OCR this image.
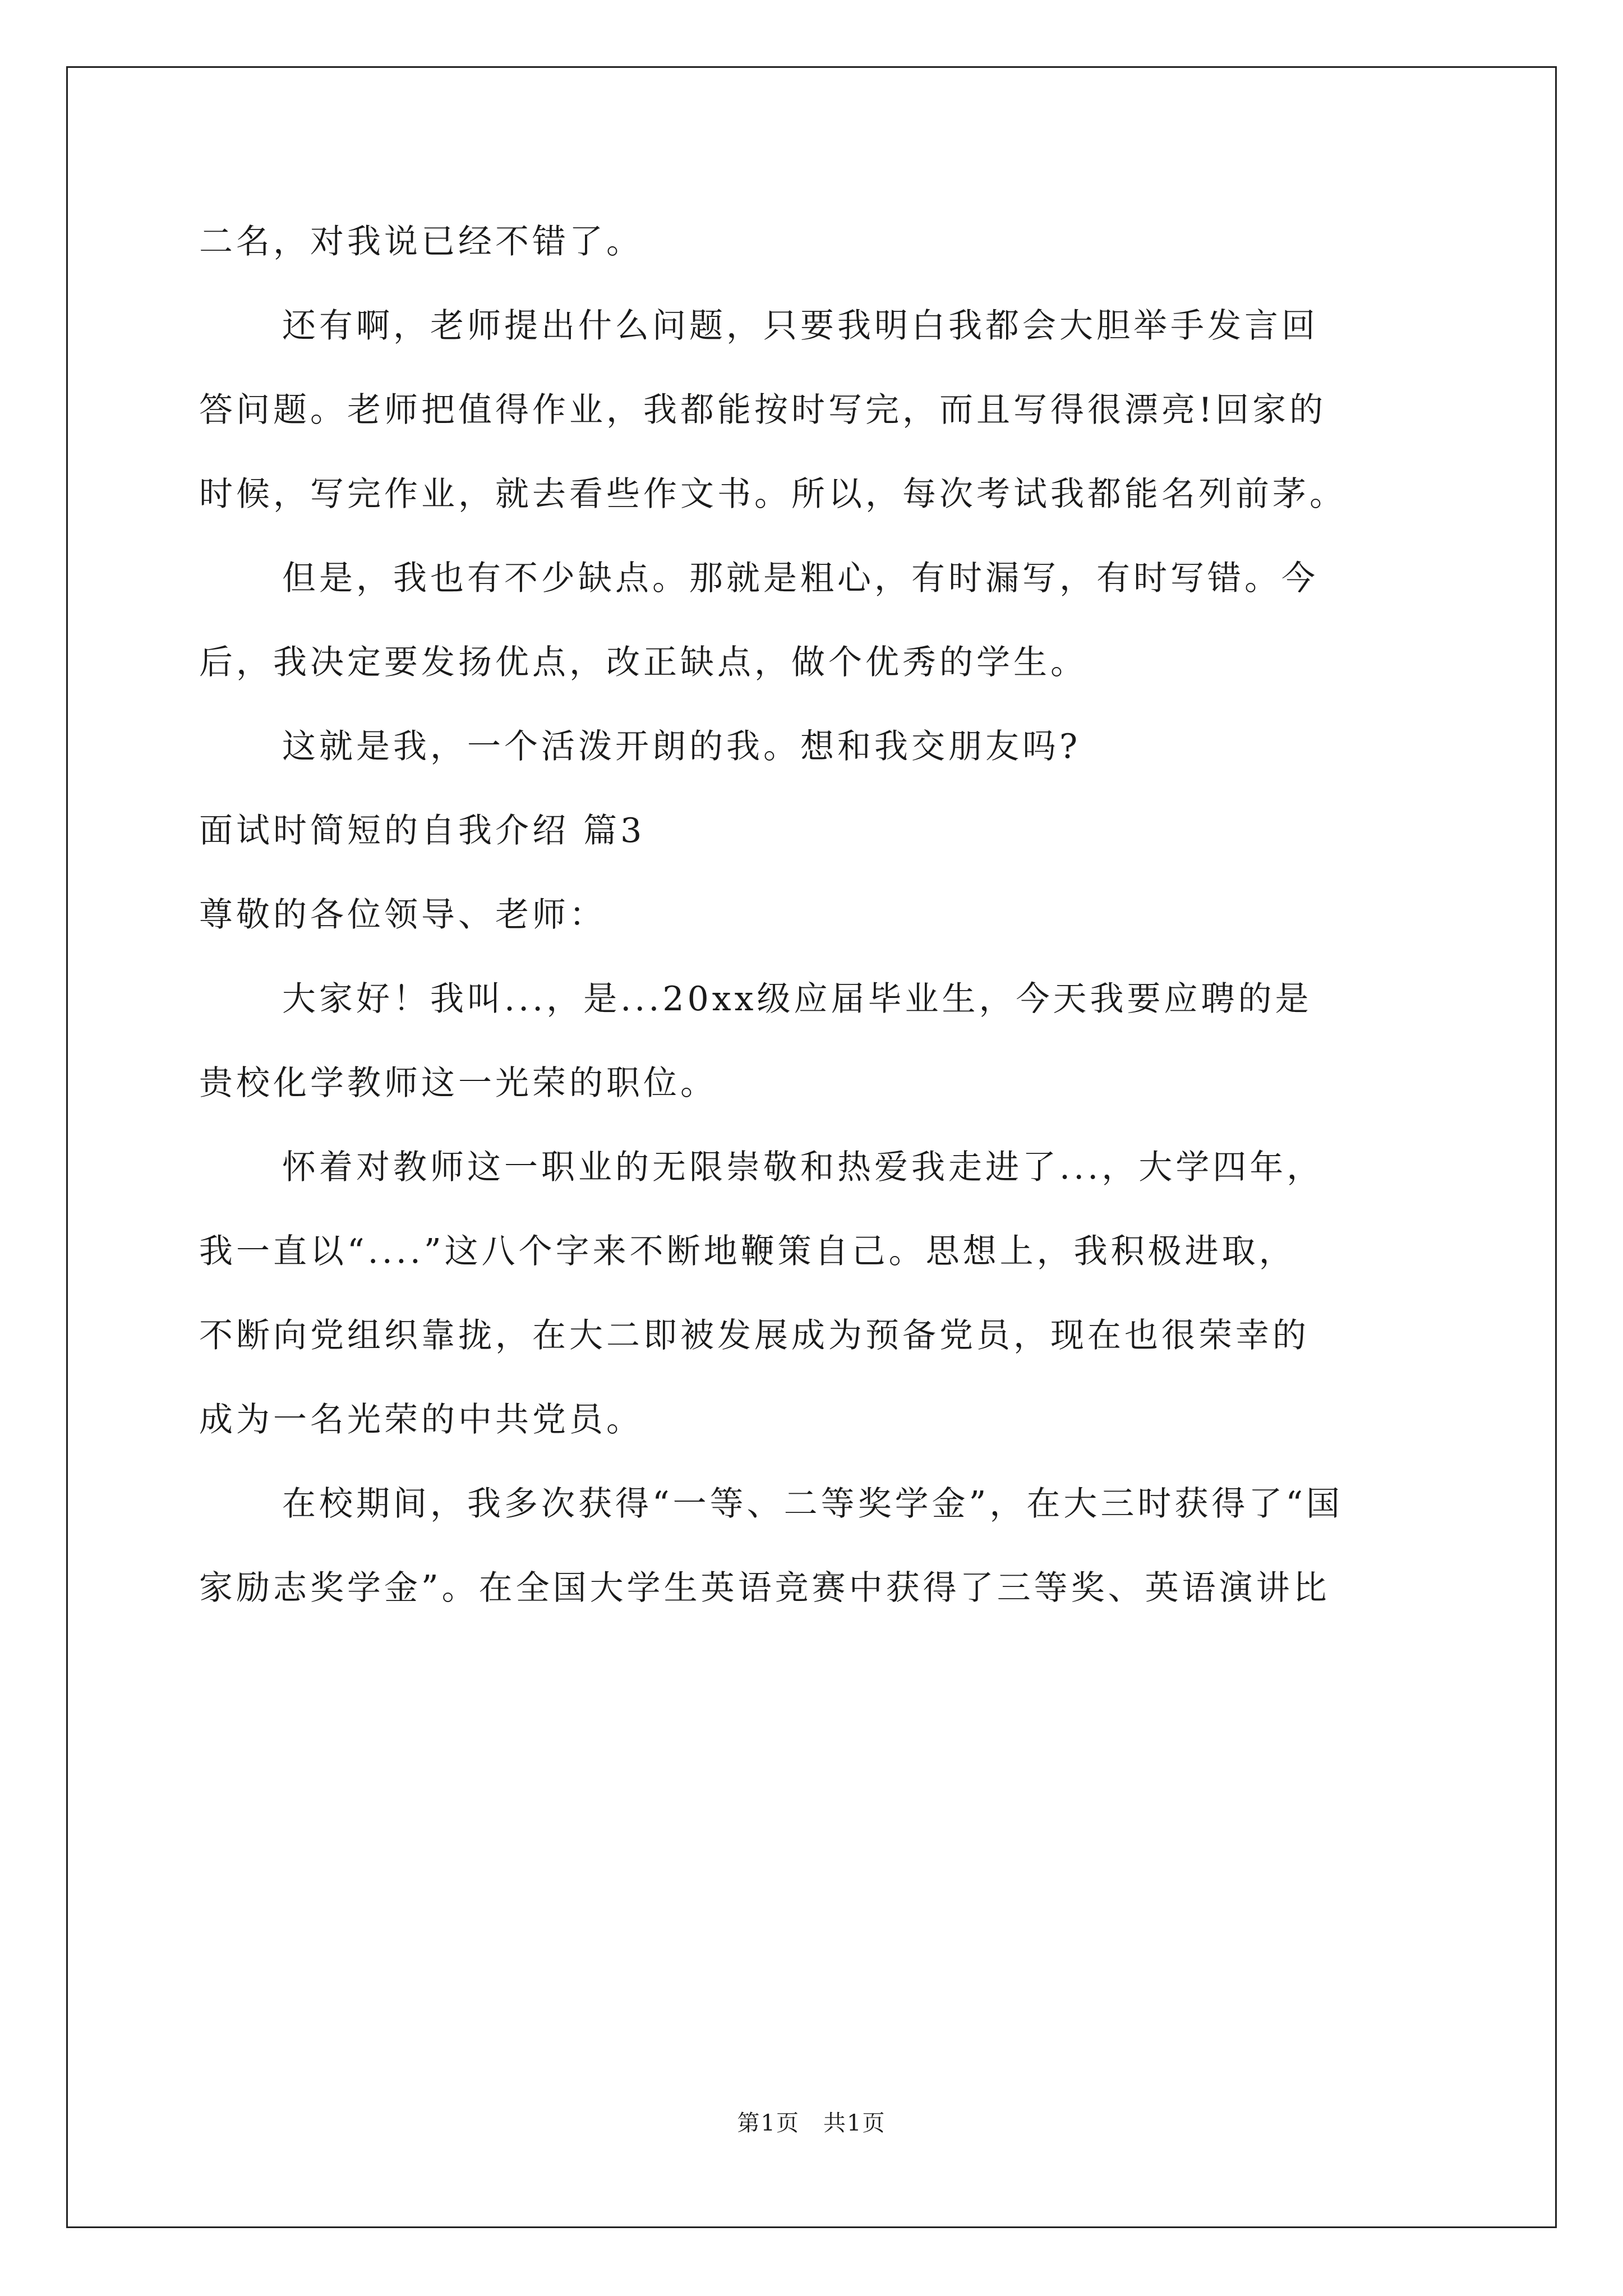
二名，对我说已经不错了。

还有啊，老师提出什么问题，只要我明白我都会大胆举手发言回

答问题。老师把值得作业，我都能按时写完，而且写得很漂亮!回家的

时候，写完作业，就去看些作文书。所以，每次考试我都能名列前茅。

但是，我也有不少缺点。那就是粗心，有时漏写，有时写错。今

后，我决定要发扬优点，改正缺点，做个优秀的学生。

这就是我，一个活泼开朗的我。想和我交朋友吗?

面试时简短的自我介绍 篇3

尊敬的各位领导、老师：

大家好！我叫...，是...20xx级应届毕业生，今天我要应聘的是

贵校化学教师这一光荣的职位。

怀着对教师这一职业的无限崇敬和热爱我走进了...，大学四年，

我一直以“....”这八个字来不断地鞭策自己。思想上，我积极进取，

不断向党组织靠拢，在大二即被发展成为预备党员，现在也很荣幸的

成为一名光荣的中共党员。

在校期间，我多次获得“一等、二等奖学金”，在大三时获得了“国

家励志奖学金”。在全国大学生英语竞赛中获得了三等奖、英语演讲比

第1页　共1页
